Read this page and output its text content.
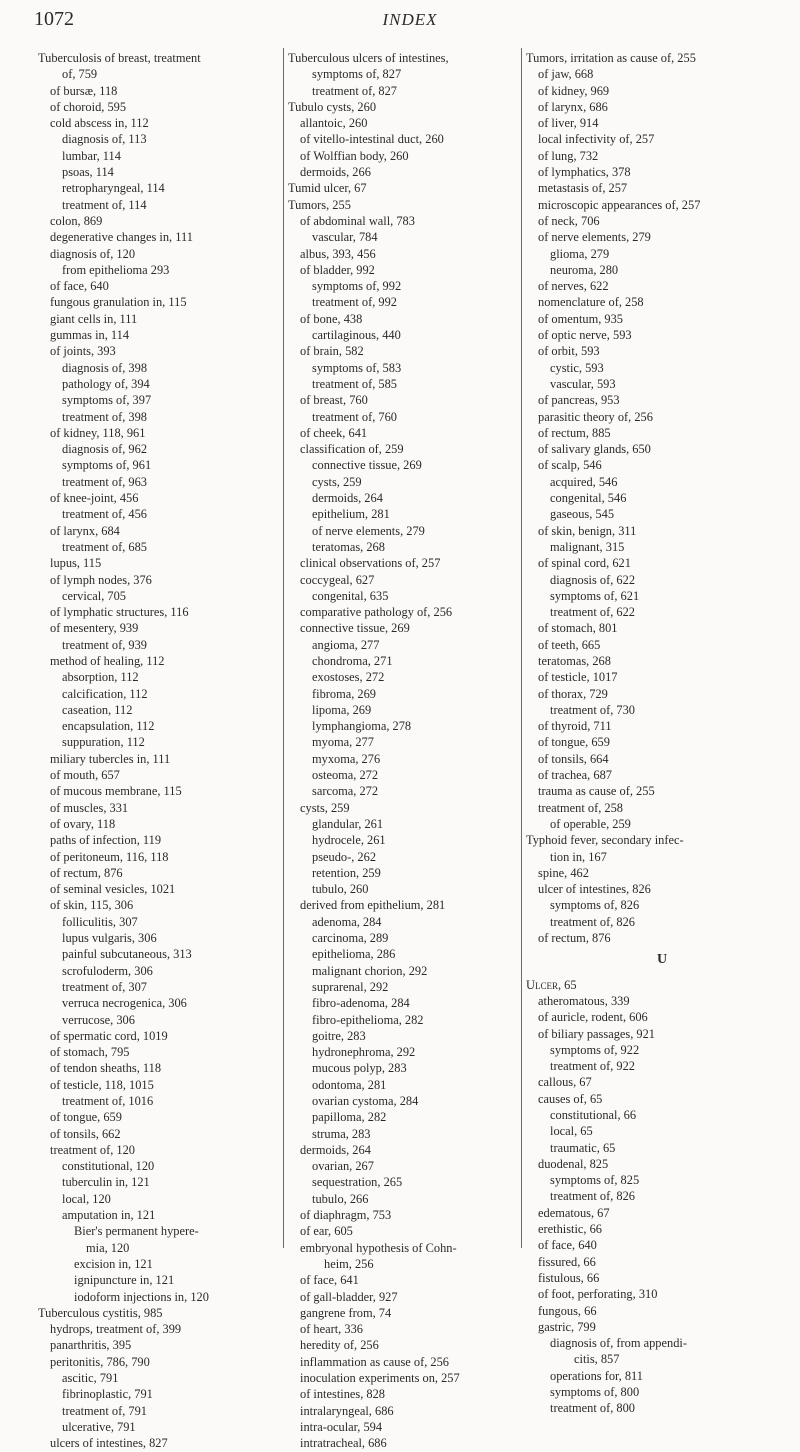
1072	INDEX
Tuberculosis of breast, treatment
of, 759
of bursæ, 118
of choroid, 595
cold abscess in, 112
diagnosis of, 113
lumbar, 114
psoas, 114
retropharyngeal, 114
treatment of, 114
colon, 869
degenerative changes in, 111
diagnosis of, 120
from epithelioma 293
of face, 640
fungous granulation in, 115
giant cells in, 111
gummas in, 114
of joints, 393
diagnosis of, 398
pathology of, 394
symptoms of, 397
treatment of, 398
of kidney, 118, 961
diagnosis of, 962
symptoms of, 961
treatment of, 963
of knee-joint, 456
treatment of, 456
of larynx, 684
treatment of, 685
lupus, 115
of lymph nodes, 376
cervical, 705
of lymphatic structures, 116
of mesentery, 939
treatment of, 939
method of healing, 112
absorption, 112
calcification, 112
caseation, 112
encapsulation, 112
suppuration, 112
miliary tubercles in, 111
of mouth, 657
of mucous membrane, 115
of muscles, 331
of ovary, 118
paths of infection, 119
of peritoneum, 116, 118
of rectum, 876
of seminal vesicles, 1021
of skin, 115, 306
folliculitis, 307
lupus vulgaris, 306
painful subcutaneous, 313
scrofuloderm, 306
treatment of, 307
verruca necrogenica, 306
verrucose, 306
of spermatic cord, 1019
of stomach, 795
of tendon sheaths, 118
of testicle, 118, 1015
treatment of, 1016
of tongue, 659
of tonsils, 662
treatment of, 120
constitutional, 120
tuberculin in, 121
local, 120
amputation in, 121
Bier's permanent hypere-
mia, 120
excision in, 121
ignipuncture in, 121
iodoform injections in, 120
Tuberculous cystitis, 985
hydrops, treatment of, 399
panarthritis, 395
peritonitis, 786, 790
ascitic, 791
fibrinoplastic, 791
treatment of, 791
ulcerative, 791
ulcers of intestines, 827
Tuberculous ulcers of intestines,
symptoms of, 827
treatment of, 827
Tubulo cysts, 260
allantoic, 260
of vitello-intestinal duct, 260
of Wolffian body, 260
dermoids, 266
Tumid ulcer, 67
Tumors, 255
of abdominal wall, 783
vascular, 784
albus, 393, 456
of bladder, 992
symptoms of, 992
treatment of, 992
of bone, 438
cartilaginous, 440
of brain, 582
symptoms of, 583
treatment of, 585
of breast, 760
treatment of, 760
of cheek, 641
classification of, 259
connective tissue, 269
cysts, 259
dermoids, 264
epithelium, 281
of nerve elements, 279
teratomas, 268
clinical observations of, 257
coccygeal, 627
congenital, 635
comparative pathology of, 256
connective tissue, 269
angioma, 277
chondroma, 271
exostoses, 272
fibroma, 269
lipoma, 269
lymphangioma, 278
myoma, 277
myxoma, 276
osteoma, 272
sarcoma, 272
cysts, 259
glandular, 261
hydrocele, 261
pseudo-, 262
retention, 259
tubulo, 260
derived from epithelium, 281
adenoma, 284
carcinoma, 289
epithelioma, 286
malignant chorion, 292
suprarenal, 292
fibro-adenoma, 284
fibro-epithelioma, 282
goitre, 283
hydronephroma, 292
mucous polyp, 283
odontoma, 281
ovarian cystoma, 284
papilloma, 282
struma, 283
dermoids, 264
ovarian, 267
sequestration, 265
tubulo, 266
of diaphragm, 753
of ear, 605
embryonal hypothesis of Cohn-
heim, 256
of face, 641
of gall-bladder, 927
gangrene from, 74
of heart, 336
heredity of, 256
inflammation as cause of, 256
inoculation experiments on, 257
of intestines, 828
intralaryngeal, 686
intra-ocular, 594
intratracheal, 686
Tumors, irritation as cause of, 255
of jaw, 668
of kidney, 969
of larynx, 686
of liver, 914
local infectivity of, 257
of lung, 732
of lymphatics, 378
metastasis of, 257
microscopic appearances of, 257
of neck, 706
of nerve elements, 279
glioma, 279
neuroma, 280
of nerves, 622
nomenclature of, 258
of omentum, 935
of optic nerve, 593
of orbit, 593
cystic, 593
vascular, 593
of pancreas, 953
parasitic theory of, 256
of rectum, 885
of salivary glands, 650
of scalp, 546
acquired, 546
congenital, 546
gaseous, 545
of skin, benign, 311
malignant, 315
of spinal cord, 621
diagnosis of, 622
symptoms of, 621
treatment of, 622
of stomach, 801
of teeth, 665
teratomas, 268
of testicle, 1017
of thorax, 729
treatment of, 730
of thyroid, 711
of tongue, 659
of tonsils, 664
of trachea, 687
trauma as cause of, 255
treatment of, 258
of operable, 259
Typhoid fever, secondary infec-
tion in, 167
spine, 462
ulcer of intestines, 826
symptoms of, 826
treatment of, 826
of rectum, 876
U
Ulcer, 65
atheromatous, 339
of auricle, rodent, 606
of biliary passages, 921
symptoms of, 922
treatment of, 922
callous, 67
causes of, 65
constitutional, 66
local, 65
traumatic, 65
duodenal, 825
symptoms of, 825
treatment of, 826
edematous, 67
erethistic, 66
of face, 640
fissured, 66
fistulous, 66
of foot, perforating, 310
fungous, 66
gastric, 799
diagnosis of, from appendi-
citis, 857
operations for, 811
symptoms of, 800
treatment of, 800
